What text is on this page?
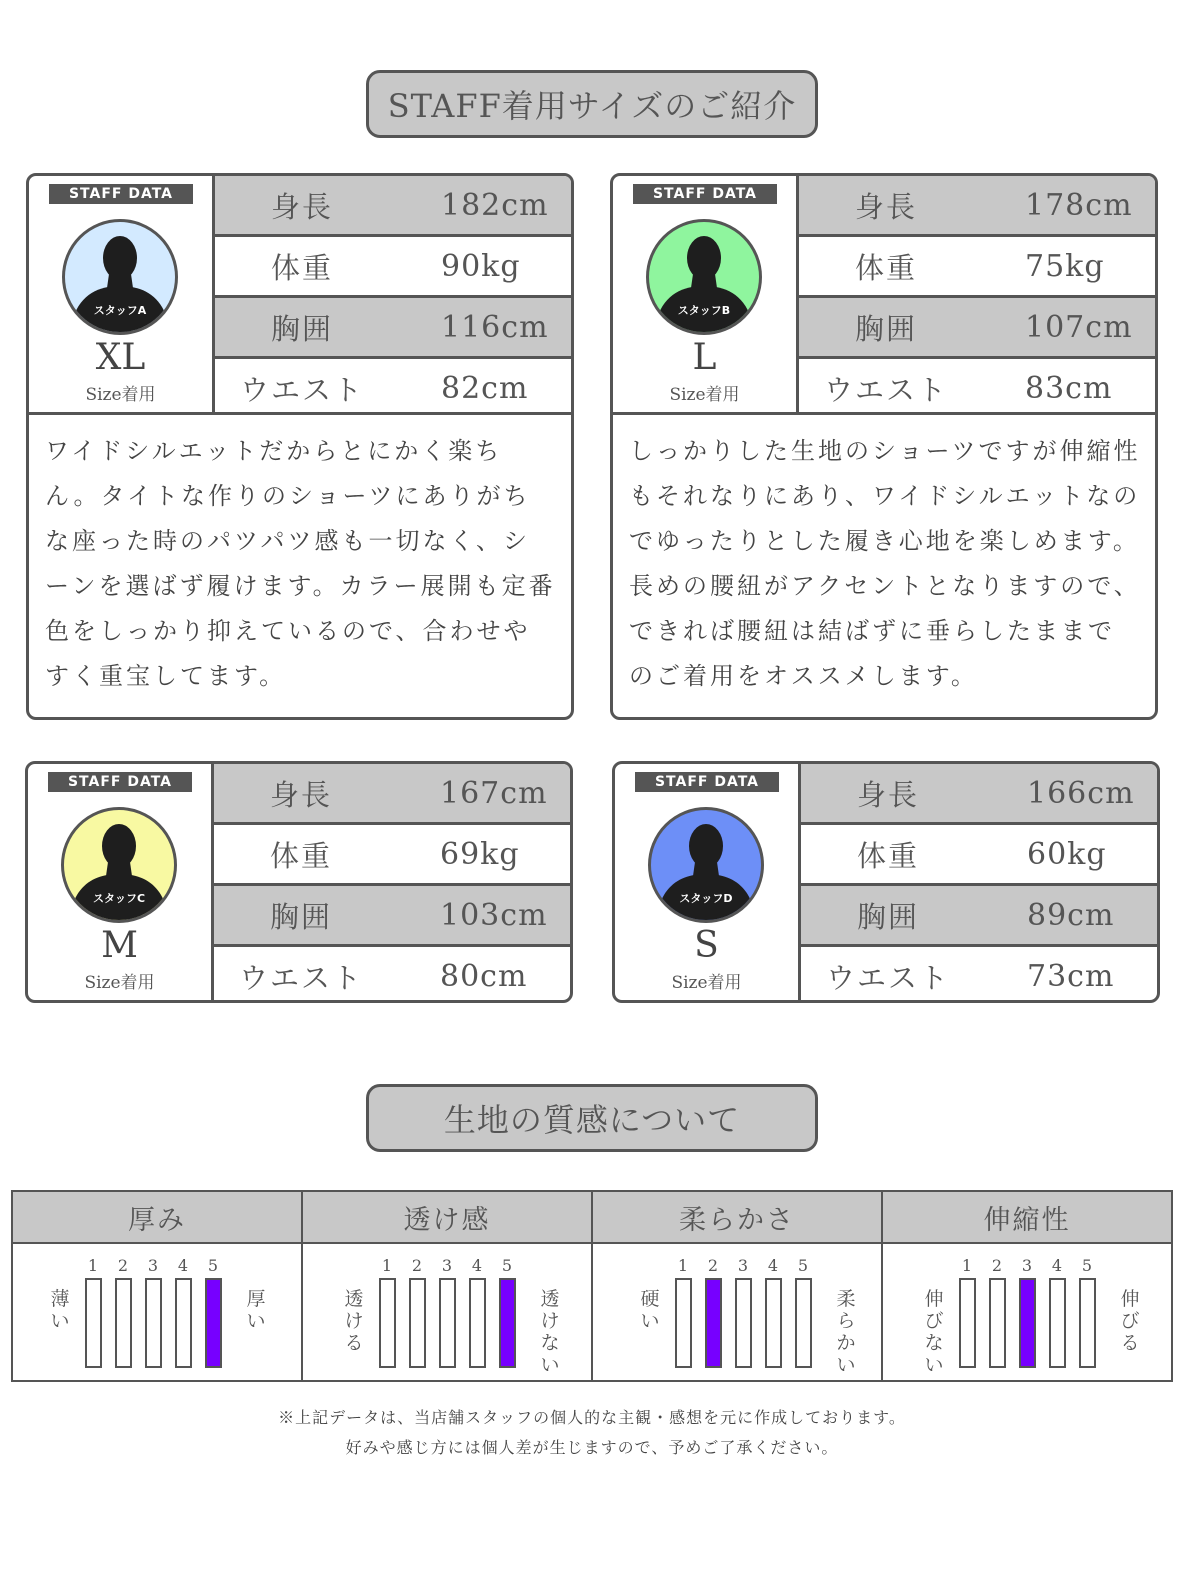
STAFF着用サイズのご紹介
STAFF DATA
スタッフA
XL
Size着用
身長	182cm
体重	90kg
胸囲	116cm
ウエスト	82cm
ワイドシルエットだからとにかく楽ちん。タイトな作りのショーツにありがちな座った時のパツパツ感も一切なく、シーンを選ばず履けます。カラー展開も定番色をしっかり抑えているので、合わせやすく重宝してます。
STAFF DATA
スタッフB
L
Size着用
身長	178cm
体重	75kg
胸囲	107cm
ウエスト	83cm
しっかりした生地のショーツですが伸縮性もそれなりにあり、ワイドシルエットなのでゆったりとした履き心地を楽しめます。長めの腰紐がアクセントとなりますので、できれば腰紐は結ばずに垂らしたままでのご着用をオススメします。
STAFF DATA
スタッフC
M
Size着用
身長	167cm
体重	69kg
胸囲	103cm
ウエスト	80cm
STAFF DATA
スタッフD
S
Size着用
身長	166cm
体重	60kg
胸囲	89cm
ウエスト	73cm
生地の質感について
厚み
1	2	3	4	5
薄い
厚い
透け感
1	2	3	4	5
透ける
透けない
柔らかさ
1	2	3	4	5
硬い
柔らかい
伸縮性
1	2	3	4	5
伸びない
伸びる
※上記データは、当店舗スタッフの個人的な主観・感想を元に作成しております。
好みや感じ方には個人差が生じますので、予めご了承ください。
